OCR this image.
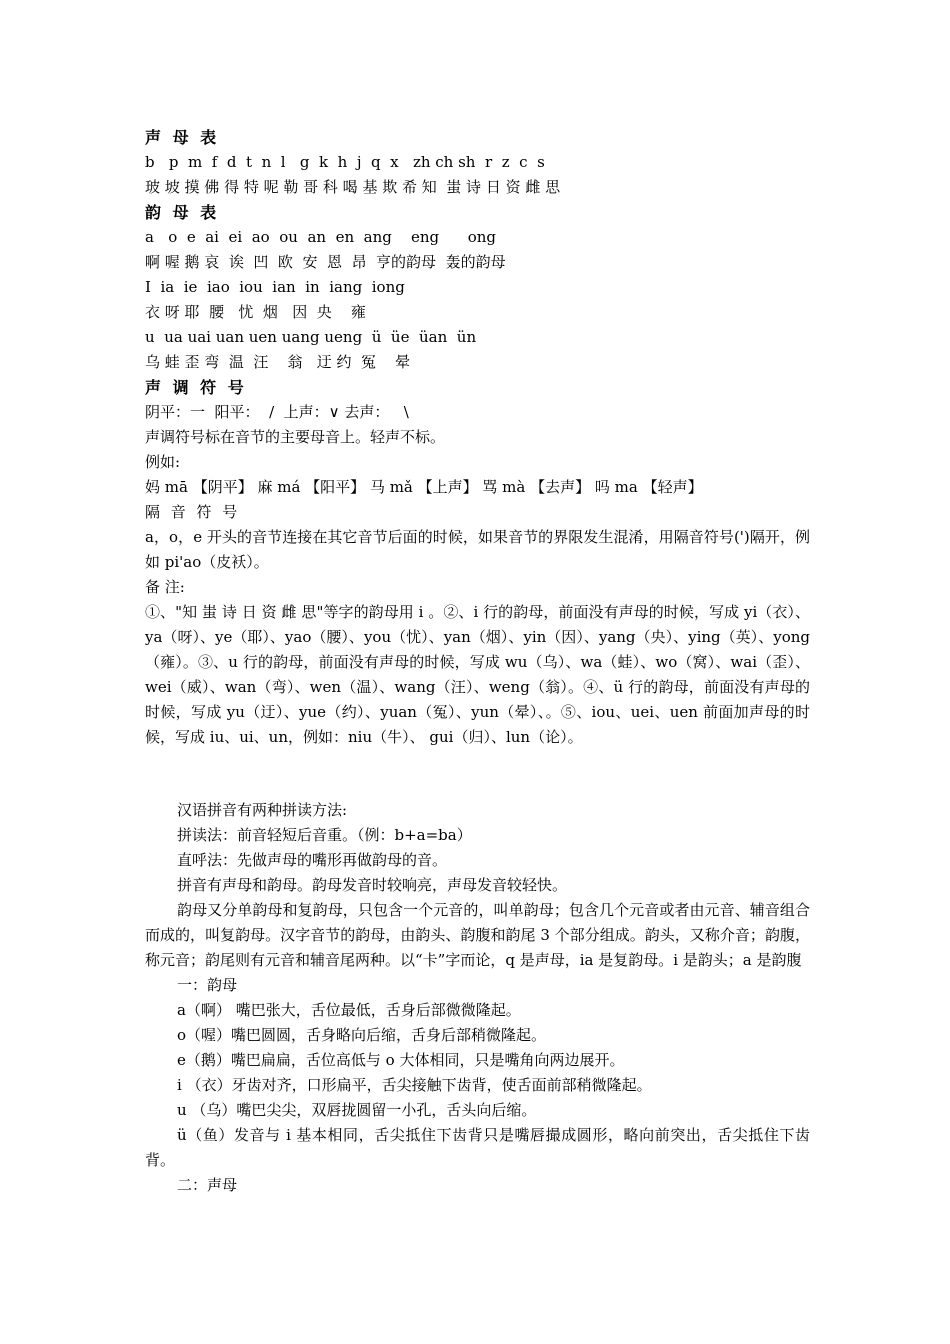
声 母 表
b   p  m  f  d  t  n  l   g  k  h  j  q  x   zh ch sh  r  z  c  s
玻 坡 摸 佛 得 特 呢 勒 哥 科 喝 基 欺 希 知  蚩 诗 日 资 雌 思
韵 母 表
a   o  e  ai  ei  ao  ou  an  en  ang    eng      ong
啊 喔 鹅 哀  诶  凹  欧  安  恩  昂  亨的韵母  轰的韵母
I  ia  ie  iao  iou  ian  in  iang  iong
衣 呀 耶  腰   忧  烟   因  央    雍
u  ua uai uan uen uang ueng  ü  üe  üan  ün
乌 蛙 歪 弯  温  汪    翁   迂 约  冤    晕
声 调 符 号
阴平：一  阳平：  /  上声：∨ 去声：   \
声调符号标在音节的主要母音上。轻声不标。
例如:
妈 mā 【阴平】 麻 má 【阳平】 马 mǎ 【上声】 骂 mà 【去声】 吗 ma 【轻声】
隔 音 符 号
a，o，e 开头的音节连接在其它音节后面的时候，如果音节的界限发生混淆，用隔音符号(')隔开，例如 pi'ao（皮袄）。
备 注:
①、"知 蚩 诗 日 资 雌 思"等字的韵母用 i 。②、i 行的韵母，前面没有声母的时候，写成 yi（衣）、ya（呀）、ye（耶）、yao（腰）、you（忧）、yan（烟）、yin（因）、yang（央）、ying（英）、yong（雍）。③、u 行的韵母，前面没有声母的时候，写成 wu（乌）、wa（蛙）、wo（窝）、wai（歪）、wei（威）、wan（弯）、wen（温）、wang（汪）、weng（翁）。④、ü 行的韵母，前面没有声母的时候，写成 yu（迂）、yue（约）、yuan（冤）、yun（晕）、。⑤、iou、uei、uen 前面加声母的时候，写成 iu、ui、un，例如：niu（牛）、 gui（归）、lun（论）。
汉语拼音有两种拼读方法:
拼读法：前音轻短后音重。（例：b+a=ba）
直呼法：先做声母的嘴形再做韵母的音。
拼音有声母和韵母。韵母发音时较响亮，声母发音较轻快。
韵母又分单韵母和复韵母，只包含一个元音的，叫单韵母；包含几个元音或者由元音、辅音组合而成的，叫复韵母。汉字音节的韵母，由韵头、韵腹和韵尾 3 个部分组成。韵头，又称介音；韵腹，称元音；韵尾则有元音和辅音尾两种。以“卡”字而论，q 是声母，ia 是复韵母。i 是韵头；a 是韵腹
一：韵母
a（啊） 嘴巴张大，舌位最低，舌身后部微微隆起。
o（喔）嘴巴圆圆，舌身略向后缩，舌身后部稍微隆起。
e（鹅）嘴巴扁扁，舌位高低与 o 大体相同，只是嘴角向两边展开。
i （衣）牙齿对齐，口形扁平，舌尖接触下齿背，使舌面前部稍微隆起。
u （乌）嘴巴尖尖，双唇拢圆留一小孔，舌头向后缩。
ü（鱼）发音与 i 基本相同，舌尖抵住下齿背只是嘴唇撮成圆形，略向前突出，舌尖抵住下齿背。
二：声母
